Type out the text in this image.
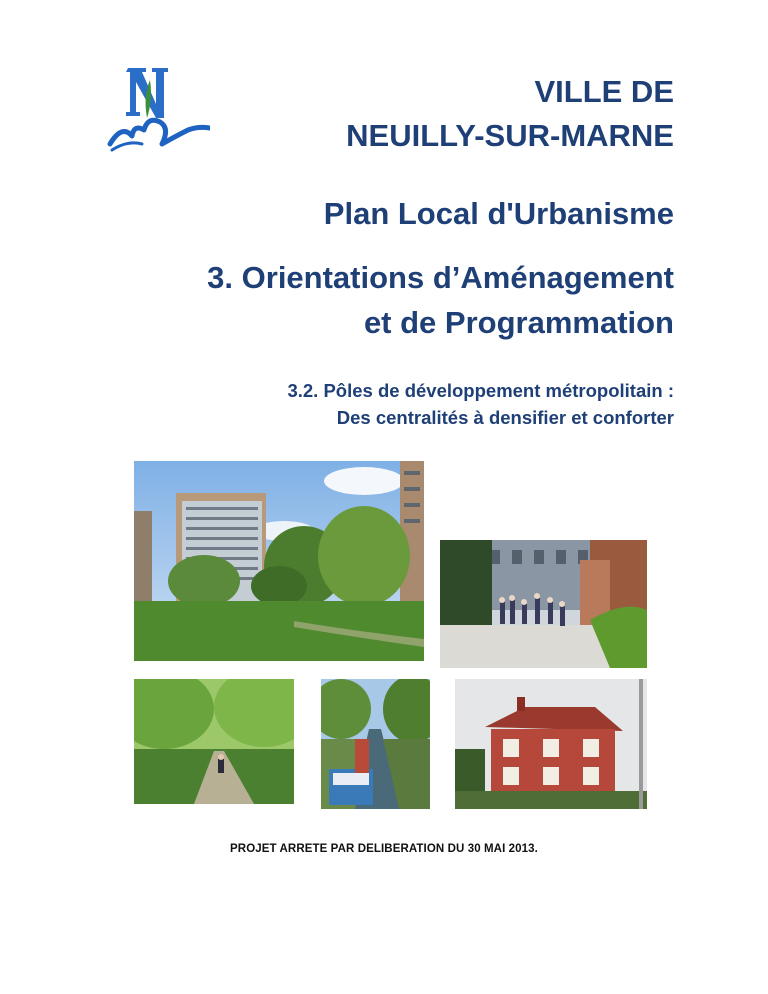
VILLE DE
NEUILLY-SUR-MARNE
Plan Local d'Urbanisme
3. Orientations d’Aménagement
et de Programmation
3.2. Pôles de développement métropolitain :
Des centralités à densifier et conforter
PROJET ARRETE PAR DELIBERATION DU 30 MAI 2013.
